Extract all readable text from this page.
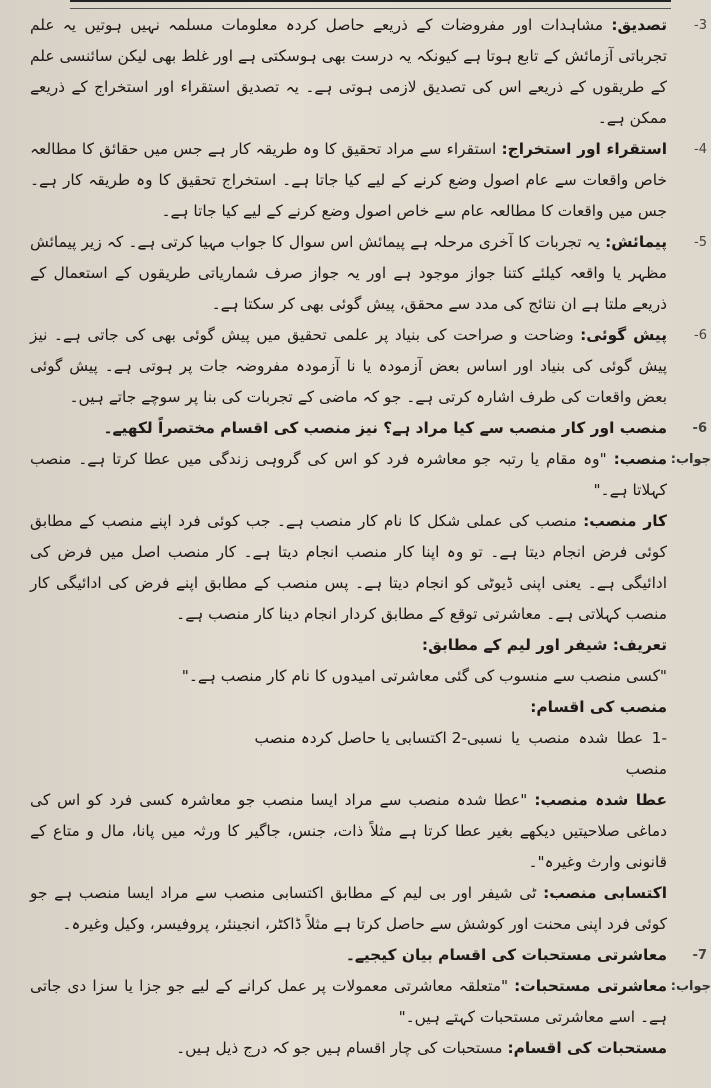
-3
تصدیق: مشاہدات اور مفروضات کے ذریعے حاصل کردہ معلومات مسلمہ نہیں ہوتیں یہ علم تجرباتی آزمائش کے تابع ہوتا ہے کیونکہ یہ درست بھی ہوسکتی ہے اور غلط بھی لیکن سائنسی علم کے طریقوں کے ذریعے اس کی تصدیق لازمی ہوتی ہے۔ یہ تصدیق استقراء اور استخراج کے ذریعے ممکن ہے۔

-4
استقراء اور استخراج: استقراء سے مراد تحقیق کا وہ طریقہ کار ہے جس میں حقائق کا مطالعہ خاص واقعات سے عام اصول وضع کرنے کے لیے کیا جاتا ہے۔ استخراج تحقیق کا وہ طریقہ کار ہے۔ جس میں واقعات کا مطالعہ عام سے خاص اصول وضع کرنے کے لیے کیا جاتا ہے۔

-5
پیمائش: یہ تجربات کا آخری مرحلہ ہے پیمائش اس سوال کا جواب مہیا کرتی ہے۔ کہ زیر پیمائش مظہر یا واقعہ کیلئے کتنا جواز موجود ہے اور یہ جواز صرف شماریاتی طریقوں کے استعمال کے ذریعے ملتا ہے ان نتائج کی مدد سے محقق، پیش گوئی بھی کر سکتا ہے۔

-6
پیش گوئی: وضاحت و صراحت کی بنیاد پر علمی تحقیق میں پیش گوئی بھی کی جاتی ہے۔ نیز پیش گوئی کی بنیاد اور اساس بعض آزمودہ یا نا آزمودہ مفروضہ جات پر ہوتی ہے۔ پیش گوئی بعض واقعات کی طرف اشارہ کرتی ہے۔ جو کہ ماضی کے تجربات کی بنا پر سوچے جاتے ہیں۔

-6
منصب اور کار منصب سے کیا مراد ہے؟ نیز منصب کی اقسام مختصراً لکھیے۔

جواب:
منصب: "وہ مقام یا رتبہ جو معاشرہ فرد کو اس کی گروہی زندگی میں عطا کرتا ہے۔ منصب کہلاتا ہے۔"

کار منصب: منصب کی عملی شکل کا نام کار منصب ہے۔ جب کوئی فرد اپنے منصب کے مطابق کوئی فرض انجام دیتا ہے۔ تو وہ اپنا کار منصب انجام دیتا ہے۔ کار منصب اصل میں فرض کی ادائیگی ہے۔ یعنی اپنی ڈیوٹی کو انجام دیتا ہے۔ پس منصب کے مطابق اپنے فرض کی ادائیگی کار منصب کہلاتی ہے۔ معاشرتی توقع کے مطابق کردار انجام دینا کار منصب ہے۔

تعریف: شیفر اور لیم کے مطابق:

"کسی منصب سے منسوب کی گئی معاشرتی امیدوں کا نام کار منصب ہے۔"

منصب کی اقسام:

-1 عطا شدہ منصب یا نسبی منصب
-2 اکتسابی یا حاصل کردہ منصب

عطا شدہ منصب: "عطا شدہ منصب سے مراد ایسا منصب جو معاشرہ کسی فرد کو اس کی دماغی صلاحیتیں دیکھے بغیر عطا کرتا ہے مثلاً ذات، جنس، جاگیر کا ورثہ میں پانا، مال و متاع کے قانونی وارث وغیرہ"۔

اکتسابی منصب: ٹی شیفر اور بی لیم کے مطابق اکتسابی منصب سے مراد ایسا منصب ہے جو کوئی فرد اپنی محنت اور کوشش سے حاصل کرتا ہے مثلاً ڈاکٹر، انجینئر، پروفیسر، وکیل وغیرہ۔

-7
معاشرتی مستحبات کی اقسام بیان کیجیے۔

جواب:
معاشرتی مستحبات: "متعلقہ معاشرتی معمولات پر عمل کرانے کے لیے جو جزا یا سزا دی جاتی ہے۔ اسے معاشرتی مستحبات کہتے ہیں۔"

مستحبات کی اقسام: مستحبات کی چار اقسام ہیں جو کہ درج ذیل ہیں۔
